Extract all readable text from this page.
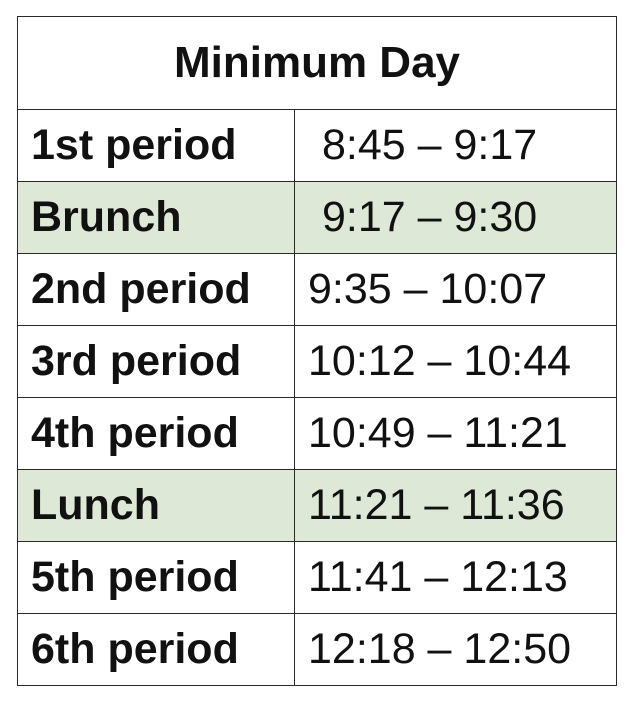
Minimum Day	
1st period	8:45 – 9:17
Brunch	9:17 – 9:30
2nd period	9:35 – 10:07
3rd period	10:12 – 10:44
4th period	10:49 – 11:21
Lunch	11:21 – 11:36
5th period	11:41 – 12:13
6th period	12:18 – 12:50
